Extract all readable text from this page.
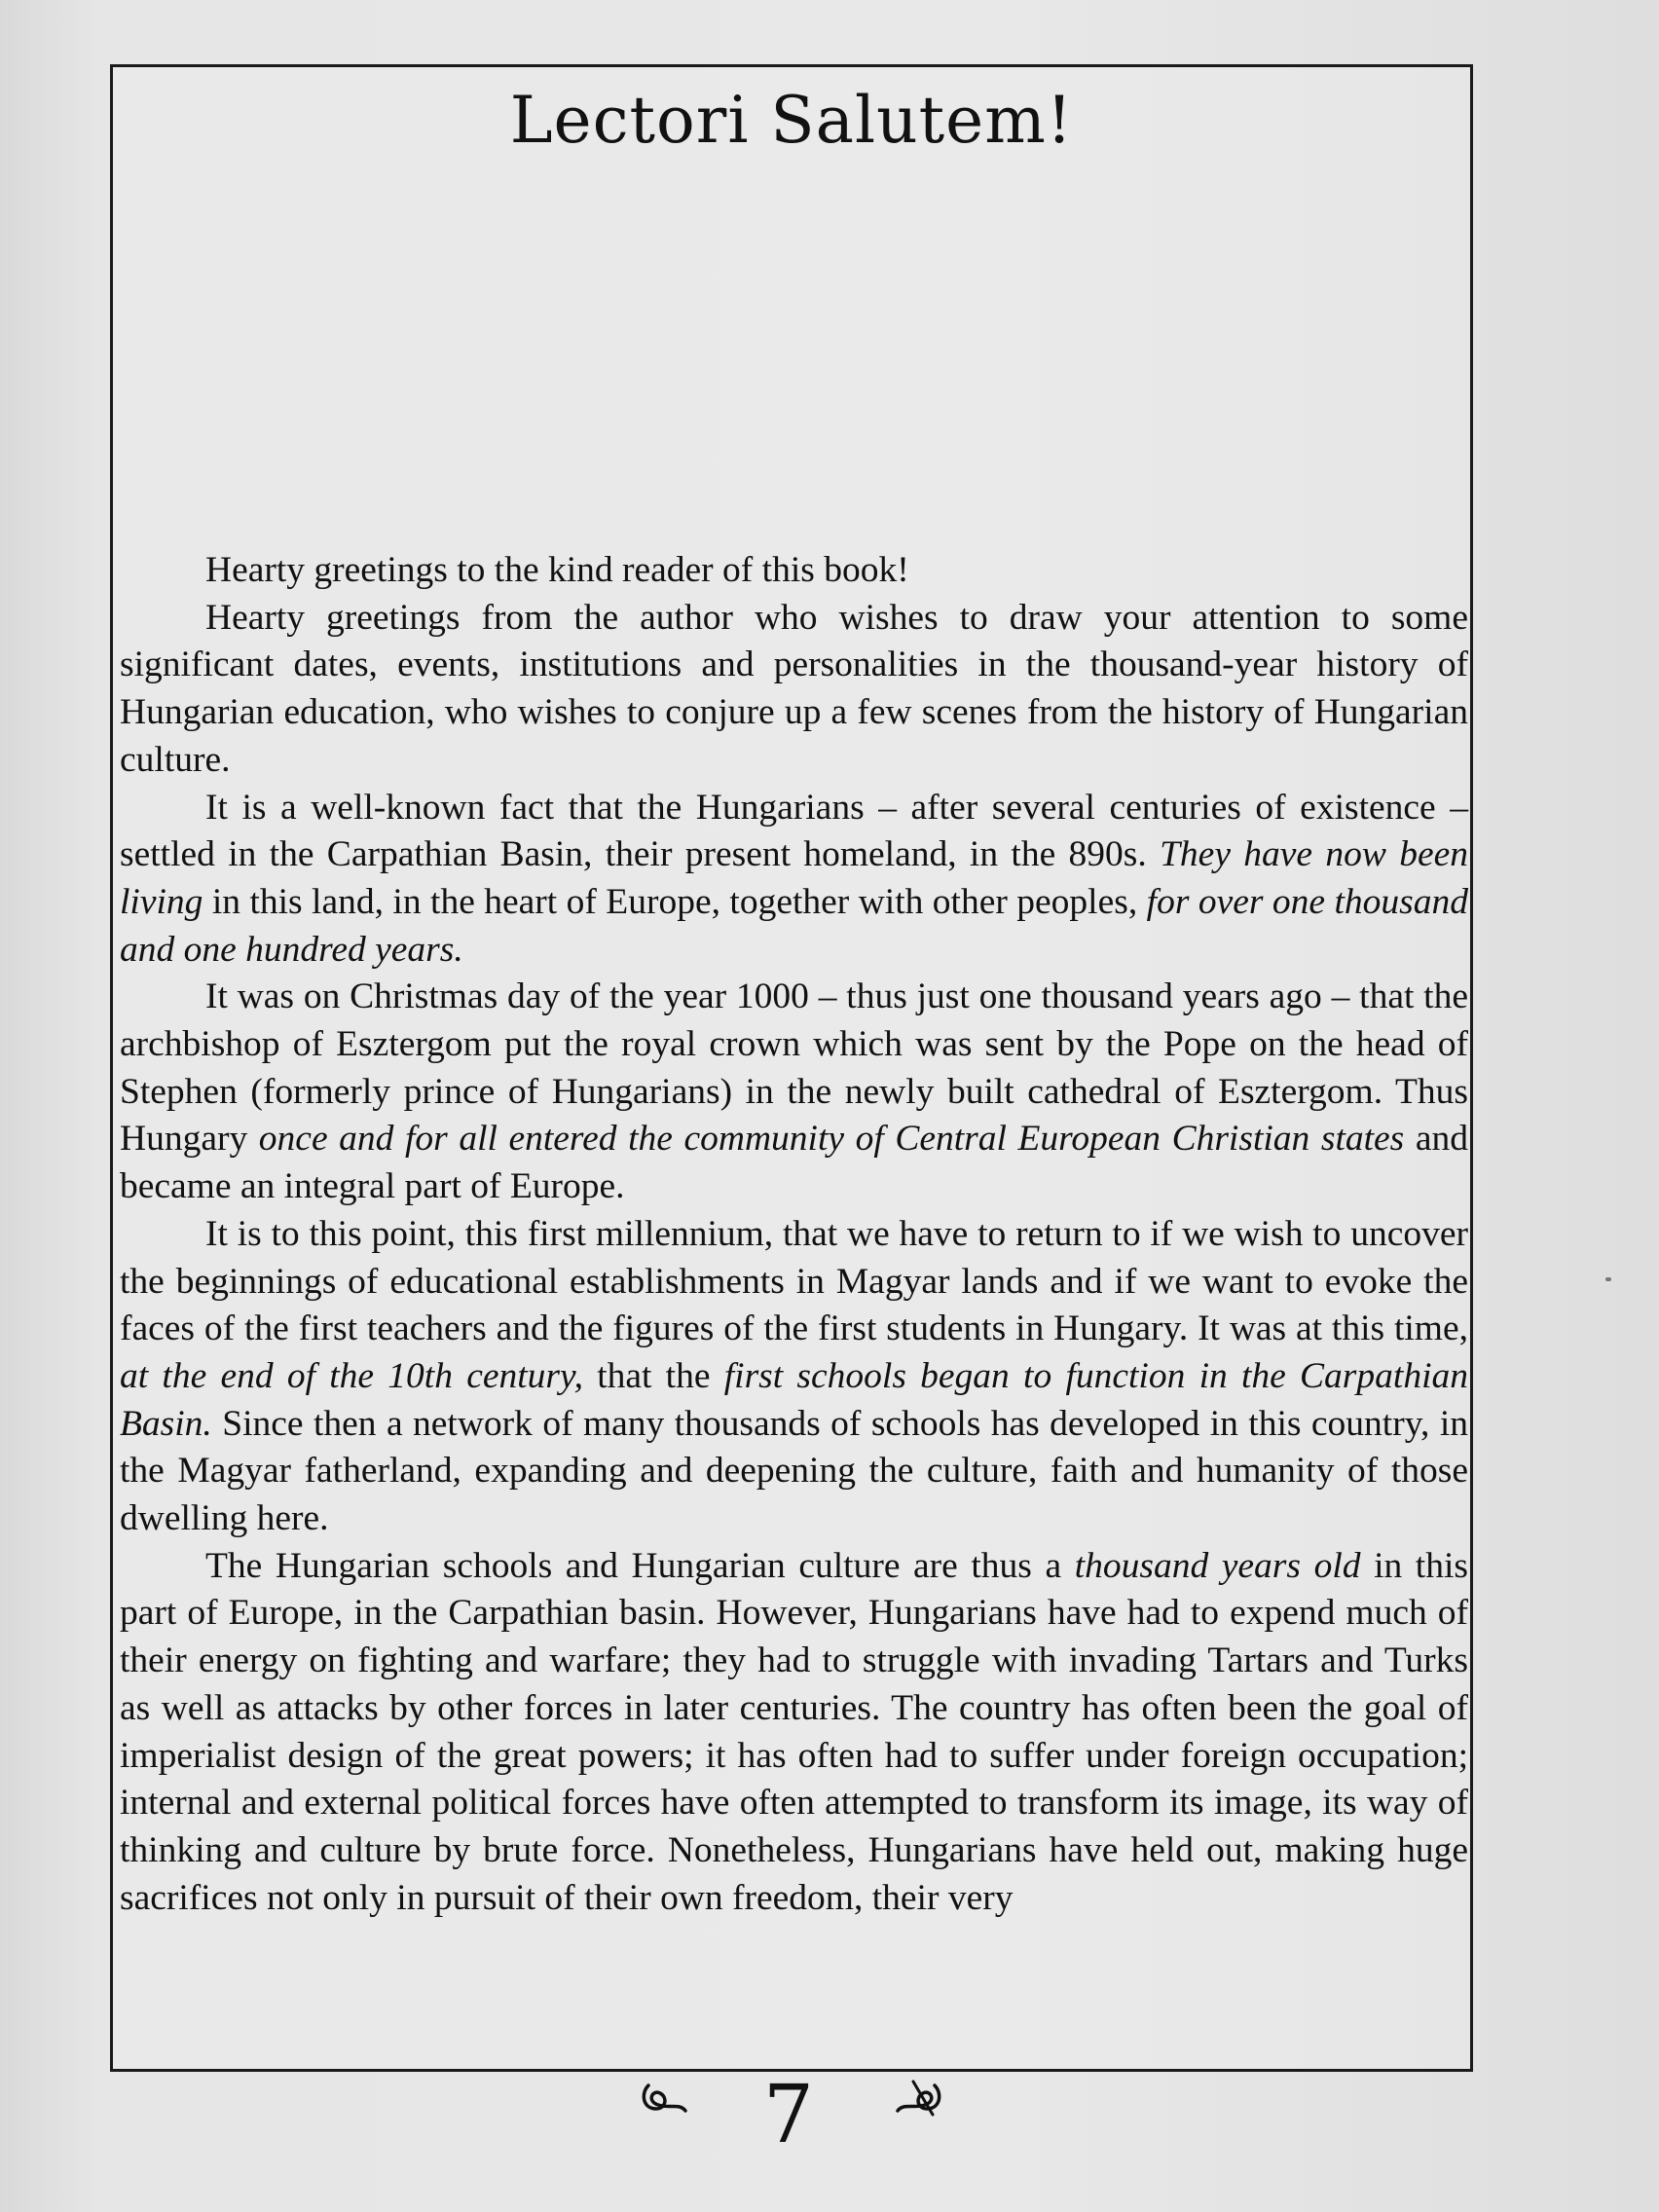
Lectori Salutem!

Hearty greetings to the kind reader of this book!

Hearty greetings from the author who wishes to draw your attention to some significant dates, events, institutions and personalities in the thousand-year history of Hungarian education, who wishes to conjure up a few scenes from the history of Hungarian culture.

It is a well-known fact that the Hungarians – after several centuries of existence – settled in the Carpathian Basin, their present homeland, in the 890s. They have now been living in this land, in the heart of Europe, together with other peoples, for over one thousand and one hundred years.

It was on Christmas day of the year 1000 – thus just one thousand years ago – that the archbishop of Esztergom put the royal crown which was sent by the Pope on the head of Stephen (formerly prince of Hungarians) in the newly built cathedral of Esztergom. Thus Hungary once and for all entered the community of Central European Christian states and became an integral part of Europe.

It is to this point, this first millennium, that we have to return to if we wish to uncover the beginnings of educational establishments in Magyar lands and if we want to evoke the faces of the first teachers and the figures of the first students in Hungary. It was at this time, at the end of the 10th century, that the first schools began to function in the Carpathian Basin. Since then a network of many thousands of schools has developed in this country, in the Magyar fatherland, expanding and deepening the culture, faith and humanity of those dwelling here.

The Hungarian schools and Hungarian culture are thus a thousand years old in this part of Europe, in the Carpathian basin. However, Hungarians have had to expend much of their energy on fighting and warfare; they had to struggle with invading Tartars and Turks as well as attacks by other forces in later centuries. The country has often been the goal of imperialist design of the great powers; it has often had to suffer under foreign occupation; internal and external political forces have often attempted to transform its image, its way of thinking and culture by brute force. Nonetheless, Hungarians have held out, making huge sacrifices not only in pursuit of their own freedom, their very

7
